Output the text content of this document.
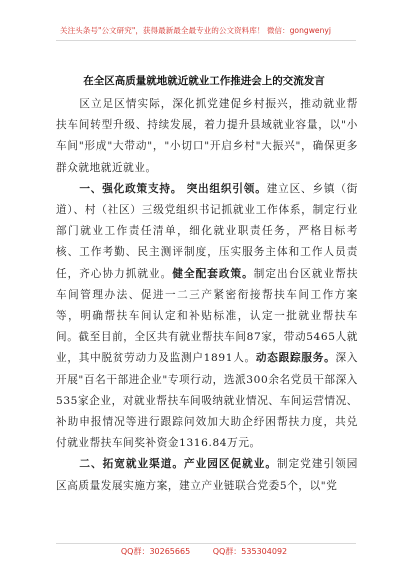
关注头条号"公文研究"，获得最新最全最专业的公文资料库！ 微信：gongwenyj
在全区高质量就地就近就业工作推进会上的交流发言

区立足区情实际，深化抓党建促乡村振兴，推动就业帮扶车间转型升级、持续发展，着力提升县域就业容量，以"小车间"形成"大带动"，"小切口"开启乡村"大振兴"，确保更多群众就地就近就业。

一、强化政策支持。 突出组织引领。建立区、乡镇（街道）、村（社区）三级党组织书记抓就业工作体系，制定行业部门就业工作责任清单，细化就业职责任务，严格目标考核、工作考勤、民主测评制度，压实服务主体和工作人员责任，齐心协力抓就业。健全配套政策。制定出台区就业帮扶车间管理办法、促进一二三产紧密衔接帮扶车间工作方案等，明确帮扶车间认定和补贴标准，认定一批就业帮扶车间。截至目前，全区共有就业帮扶车间87家，带动5465人就业，其中脱贫劳动力及监测户1891人。动态跟踪服务。深入开展"百名干部进企业"专项行动，选派300余名党员干部深入535家企业，对就业帮扶车间吸纳就业情况、车间运营情况、补助申报情况等进行跟踪问效加大助企纾困帮扶力度，共兑付就业帮扶车间奖补资金1316.84万元。

二、拓宽就业渠道。产业园区促就业。制定党建引领园区高质量发展实施方案，建立产业链联合党委5个，以"党

QQ群：30265665	QQ群：535304092
